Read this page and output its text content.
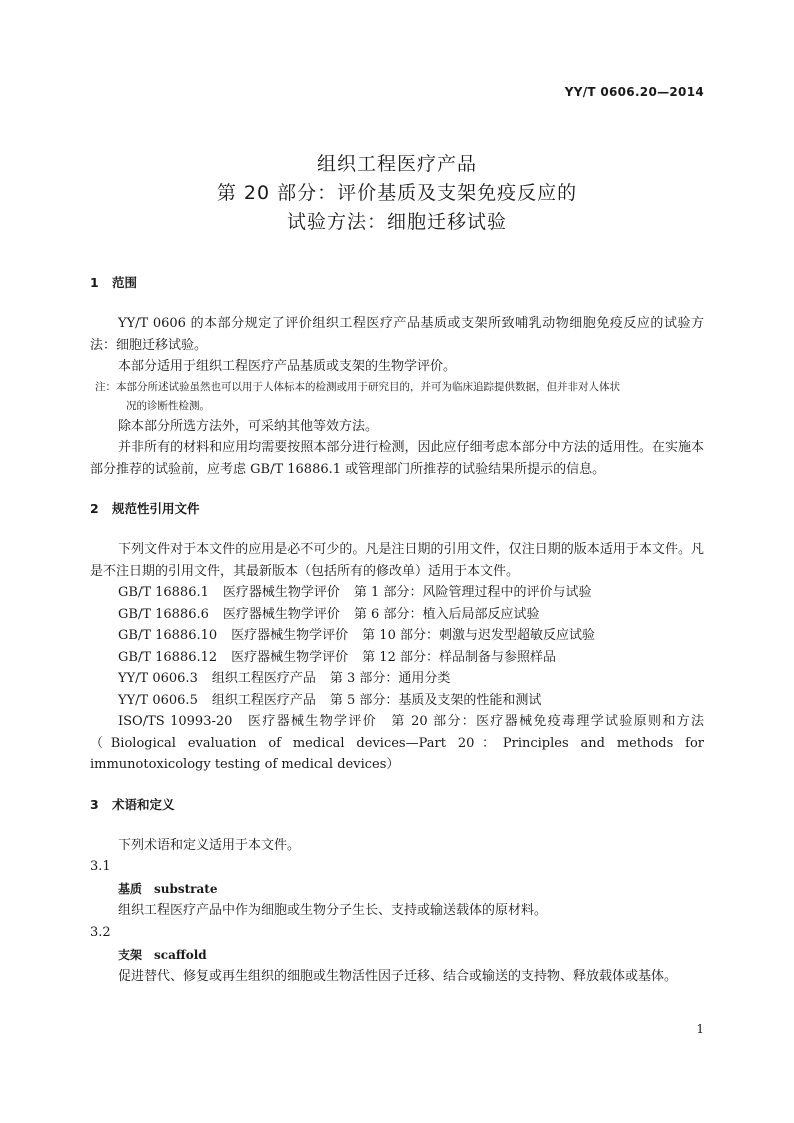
YY/T 0606.20—2014
组织工程医疗产品
第 20 部分：评价基质及支架免疫反应的
试验方法：细胞迁移试验
1 范围
YY/T 0606 的本部分规定了评价组织工程医疗产品基质或支架所致哺乳动物细胞免疫反应的试验方法：细胞迁移试验。
本部分适用于组织工程医疗产品基质或支架的生物学评价。
注：本部分所述试验虽然也可以用于人体标本的检测或用于研究目的，并可为临床追踪提供数据，但并非对人体状
况的诊断性检测。
除本部分所选方法外，可采纳其他等效方法。
并非所有的材料和应用均需要按照本部分进行检测，因此应仔细考虑本部分中方法的适用性。在实施本部分推荐的试验前，应考虑 GB/T 16886.1 或管理部门所推荐的试验结果所提示的信息。
2 规范性引用文件
下列文件对于本文件的应用是必不可少的。凡是注日期的引用文件，仅注日期的版本适用于本文件。凡是不注日期的引用文件，其最新版本（包括所有的修改单）适用于本文件。
GB/T 16886.1 医疗器械生物学评价 第 1 部分：风险管理过程中的评价与试验
GB/T 16886.6 医疗器械生物学评价 第 6 部分：植入后局部反应试验
GB/T 16886.10 医疗器械生物学评价 第 10 部分：刺激与迟发型超敏反应试验
GB/T 16886.12 医疗器械生物学评价 第 12 部分：样品制备与参照样品
YY/T 0606.3 组织工程医疗产品 第 3 部分：通用分类
YY/T 0606.5 组织工程医疗产品 第 5 部分：基质及支架的性能和测试
ISO/TS 10993-20　医疗器械生物学评价　第 20 部分：医疗器械免疫毒理学试验原则和方法（Biological evaluation of medical devices—Part 20：Principles and methods for immunotoxicology testing of medical devices）
3 术语和定义
下列术语和定义适用于本文件。
3.1
基质 substrate
组织工程医疗产品中作为细胞或生物分子生长、支持或输送载体的原材料。
3.2
支架 scaffold
促进替代、修复或再生组织的细胞或生物活性因子迁移、结合或输送的支持物、释放载体或基体。
1
